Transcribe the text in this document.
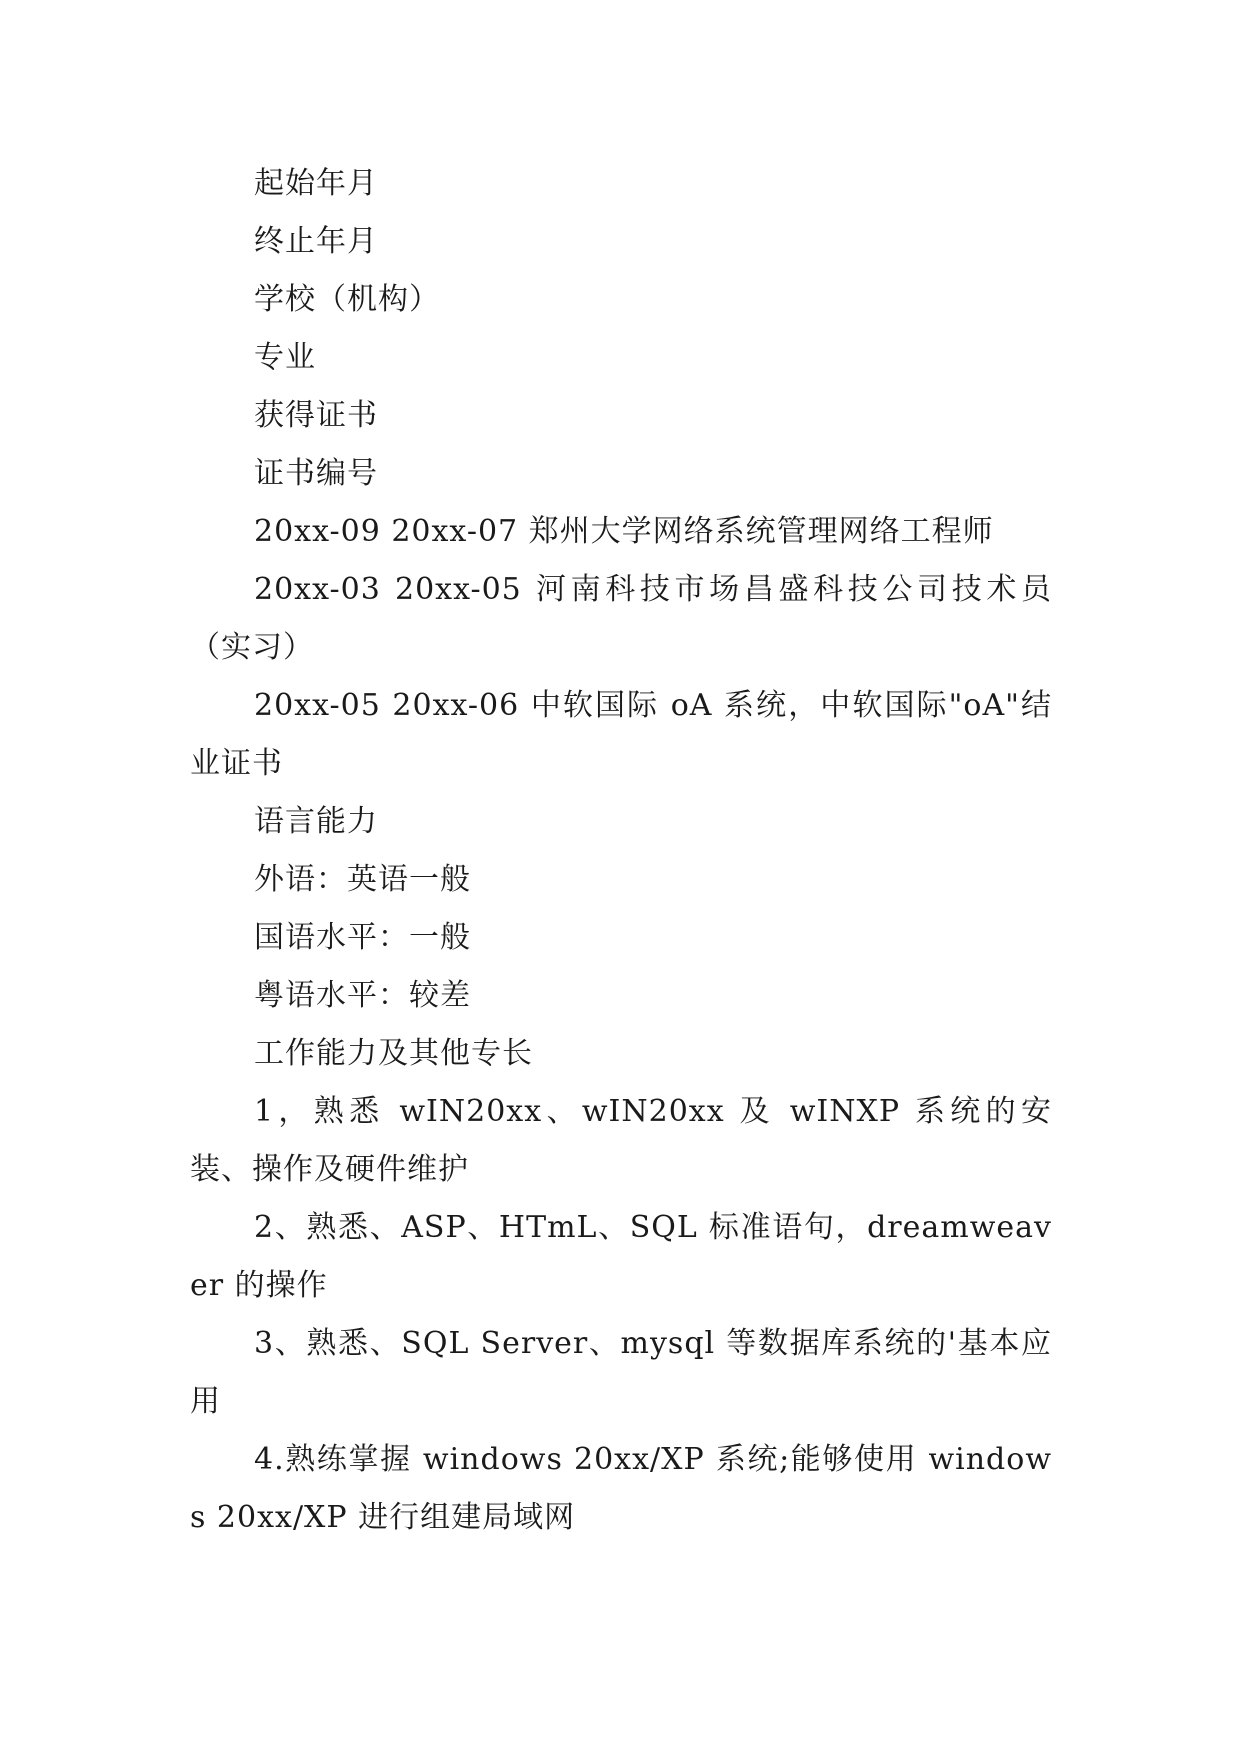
起始年月

终止年月

学校（机构）

专业

获得证书

证书编号

20xx-09 20xx-07 郑州大学网络系统管理网络工程师

20xx-03 20xx-05 河南科技市场昌盛科技公司技术员（实习）

20xx-05 20xx-06 中软国际 oA 系统，中软国际"oA"结业证书

语言能力

外语：英语一般

国语水平：一般

粤语水平：较差

工作能力及其他专长

1，熟悉 wIN20xx、wIN20xx 及 wINXP 系统的安装、操作及硬件维护

2、熟悉、ASP、HTmL、SQL 标准语句，dreamweaver 的操作

3、熟悉、SQL Server、mysql 等数据库系统的'基本应用

4.熟练掌握 windows 20xx/XP 系统;能够使用 windows 20xx/XP 进行组建局域网
